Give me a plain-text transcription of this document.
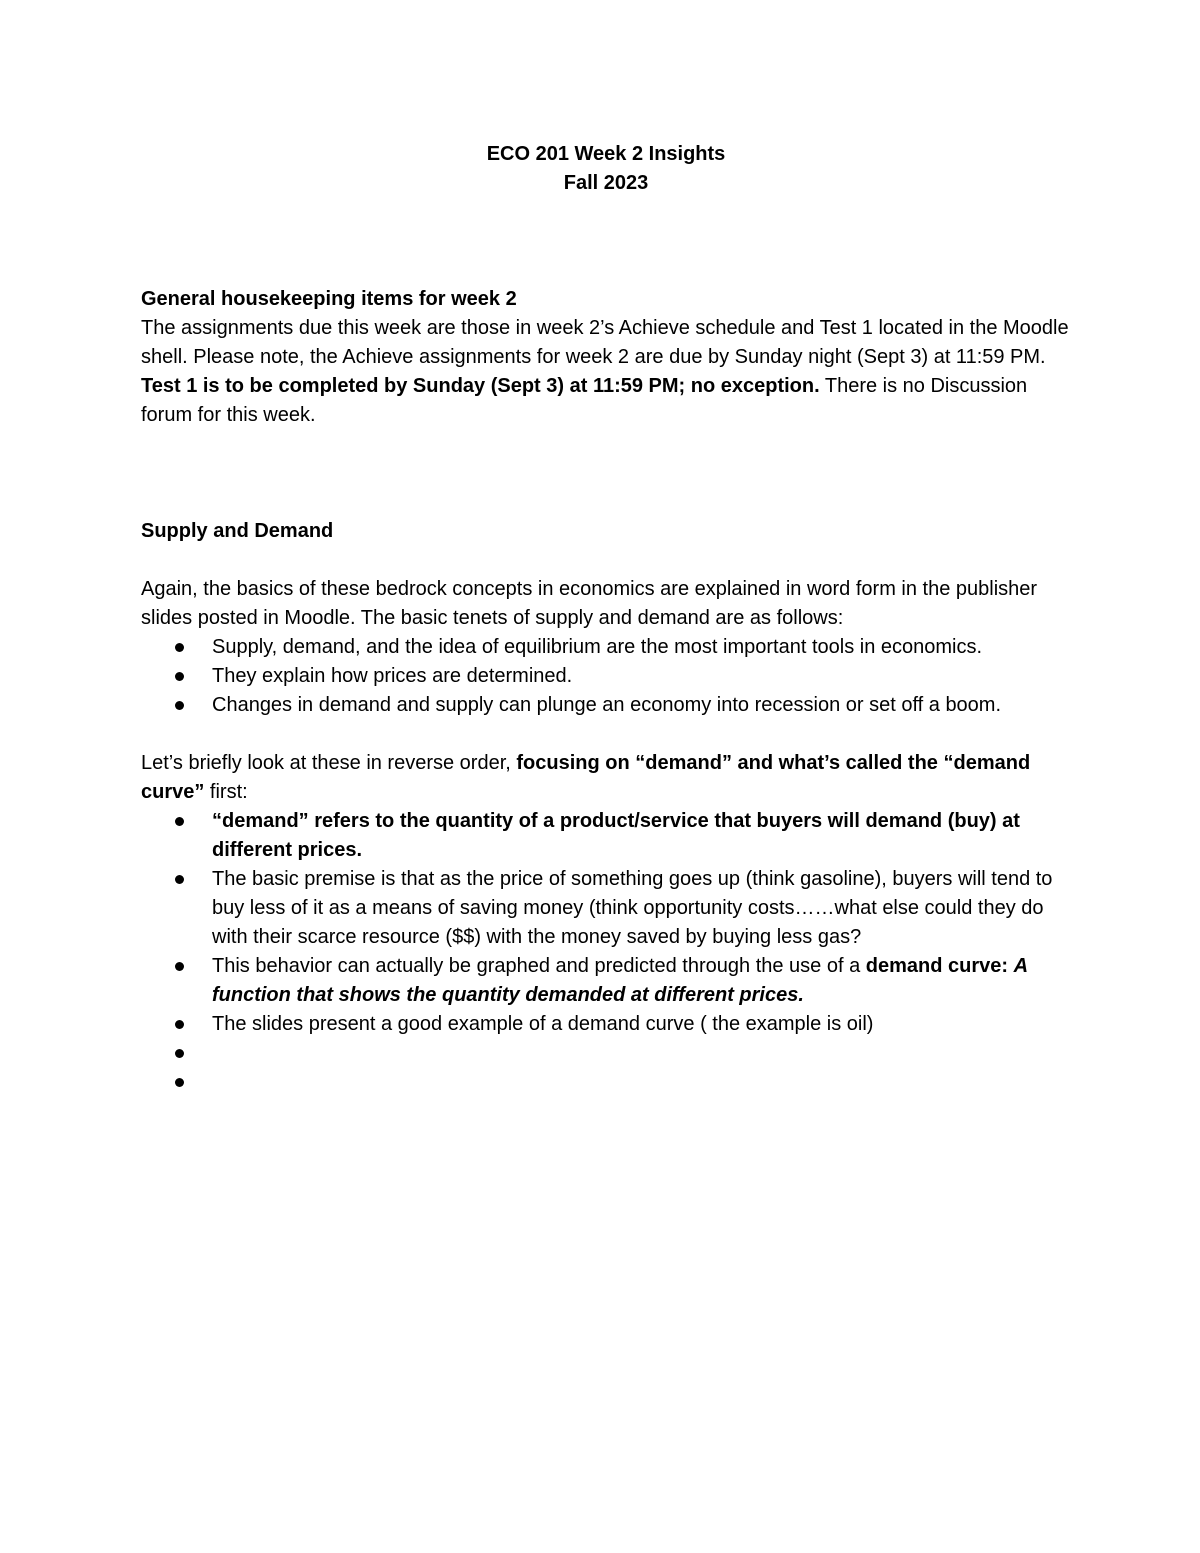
ECO 201 Week 2 Insights
Fall 2023
General housekeeping items for week 2

The assignments due this week are those in week 2’s Achieve schedule and Test 1 located in the Moodle shell. Please note, the Achieve assignments for week 2 are due by Sunday night (Sept 3) at 11:59 PM. Test 1 is to be completed by Sunday (Sept 3) at 11:59 PM; no exception. There is no Discussion forum for this week.

Supply and Demand

Again, the basics of these bedrock concepts in economics are explained in word form in the publisher slides posted in Moodle. The basic tenets of supply and demand are as follows:

Supply, demand, and the idea of equilibrium are the most important tools in economics.
They explain how prices are determined.
Changes in demand and supply can plunge an economy into recession or set off a boom.

Let’s briefly look at these in reverse order, focusing on “demand” and what’s called the “demand curve” first:

“demand” refers to the quantity of a product/service that buyers will demand (buy) at different prices.
The basic premise is that as the price of something goes up (think gasoline), buyers will tend to buy less of it as a means of saving money (think opportunity costs……what else could they do with their scarce resource ($$) with the money saved by buying less gas?
This behavior can actually be graphed and predicted through the use of a demand curve: A function that shows the quantity demanded at different prices.
The slides present a good example of a demand curve ( the example is oil)
